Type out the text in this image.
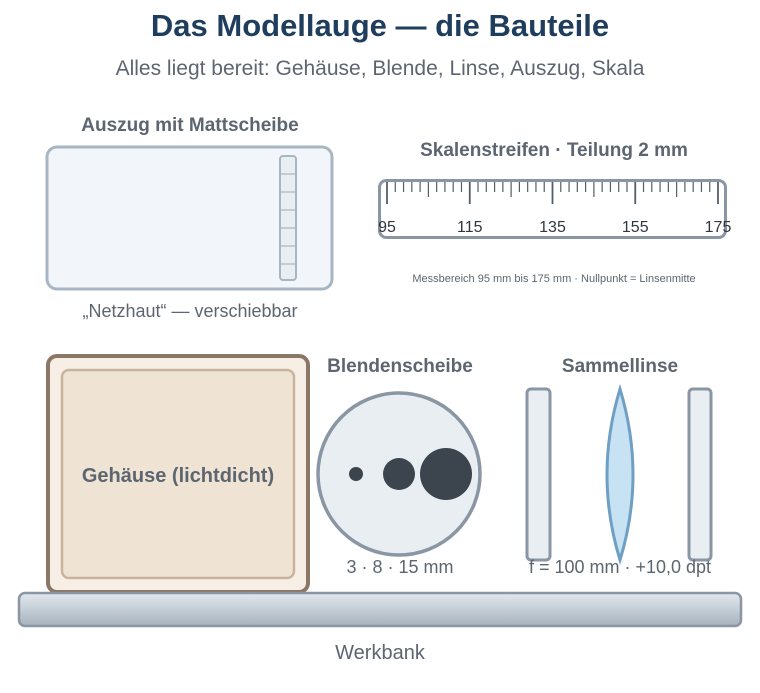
Das Modellauge — die Bauteile
Alles liegt bereit: Gehäuse, Blende, Linse, Auszug, Skala
Auszug mit Mattscheibe
„Netzhaut“ — verschiebbar
Skalenstreifen · Teilung 2 mm
95	115	135	155	175
Messbereich 95 mm bis 175 mm · Nullpunkt = Linsenmitte
Gehäuse (lichtdicht)
Blendenscheibe
3 · 8 · 15 mm
Sammellinse
f = 100 mm · +10,0 dpt
Werkbank
